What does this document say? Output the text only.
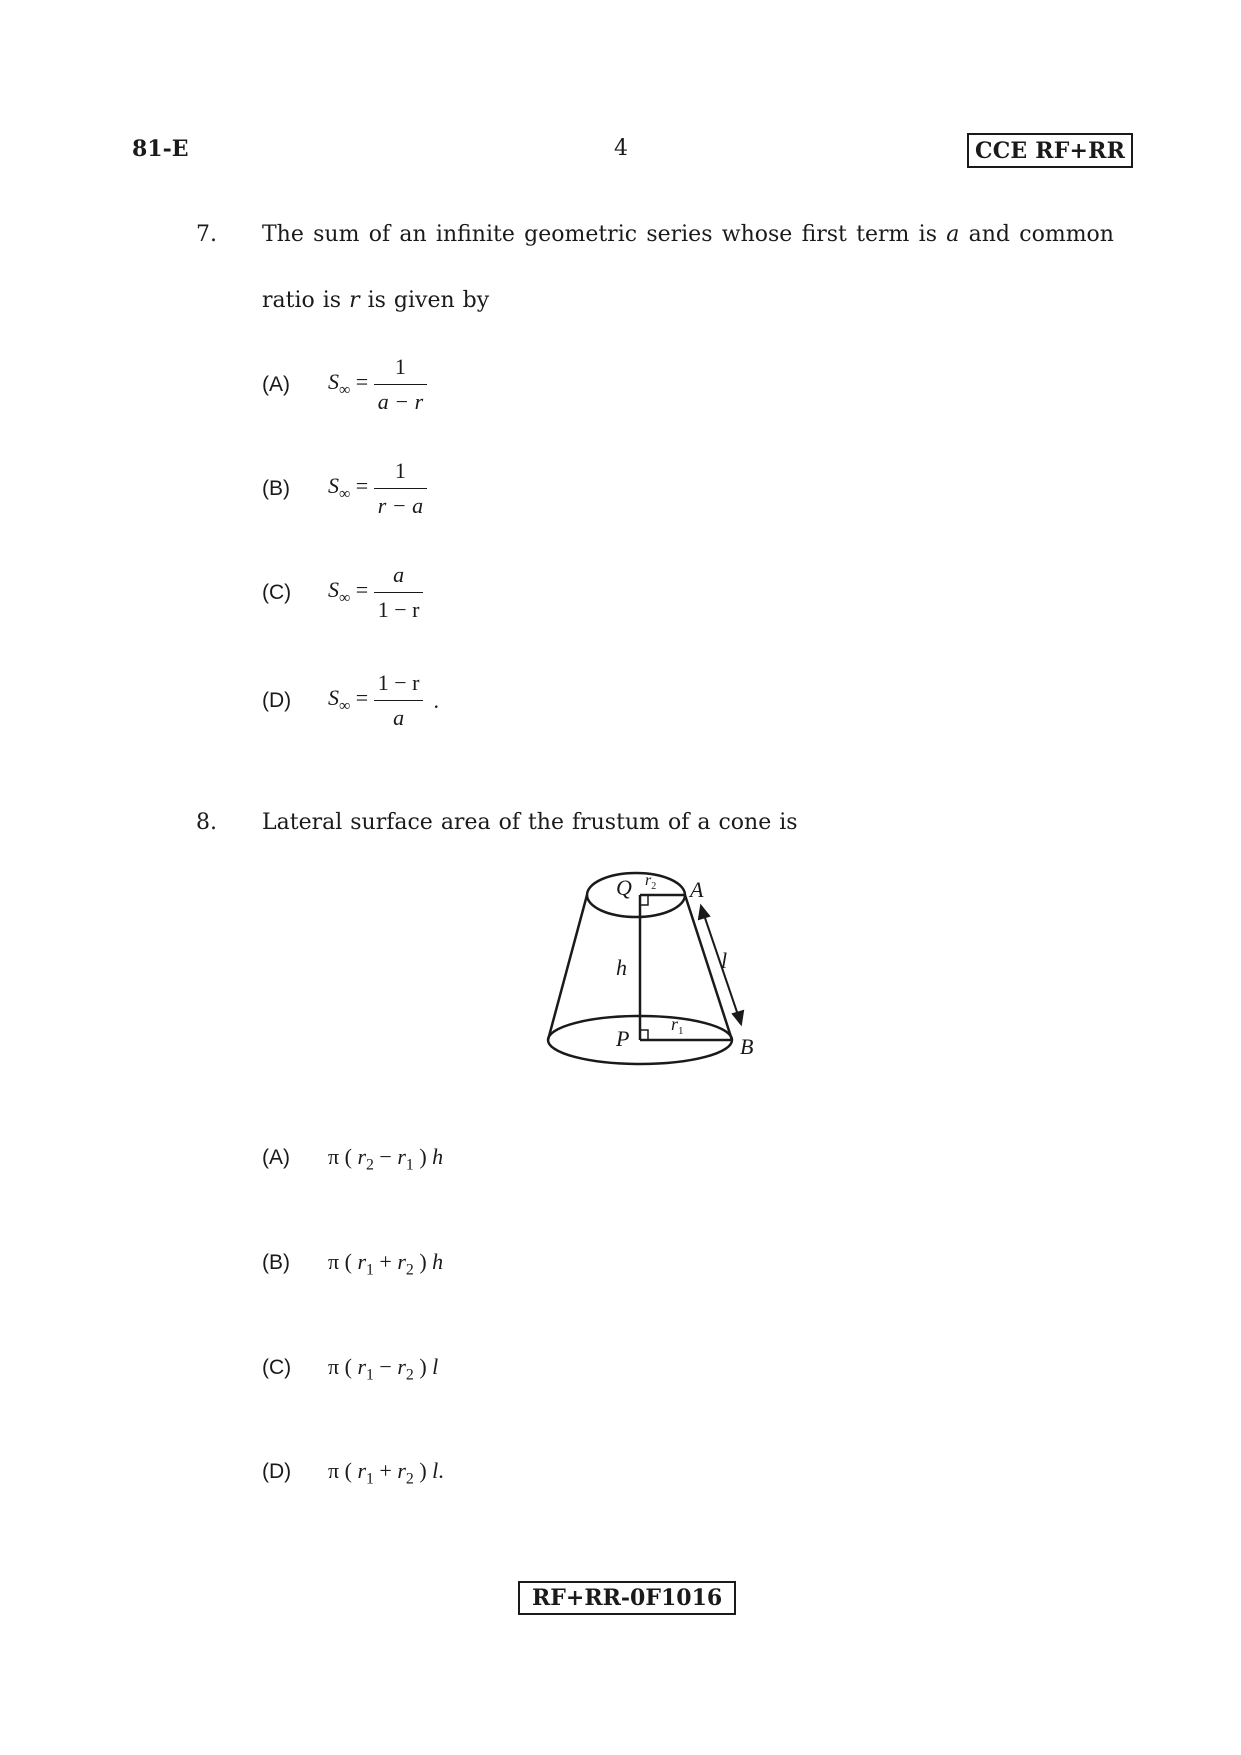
81-E	4	CCE RF+RR
7. The sum of an infinite geometric series whose first term is a and common
ratio is r is given by
(A) $S_\infty = \frac{1}{a - r}$
(B) $S_\infty = \frac{1}{r - a}$
(C) $S_\infty = \frac{a}{1 - r}$
(D) $S_\infty = \frac{1 - r}{a}$ .
8. Lateral surface area of the frustum of a cone is
Q $r_2$ A
h	l
P
$r_1$
B
(A) π ( $r_2 - r_1$ ) h
(B) π ( $r_1 + r_2$ ) h
(C) π ( $r_1 - r_2$ ) l
(D) π ( $r_1 + r_2$ ) l.
RF+RR-0F1016
